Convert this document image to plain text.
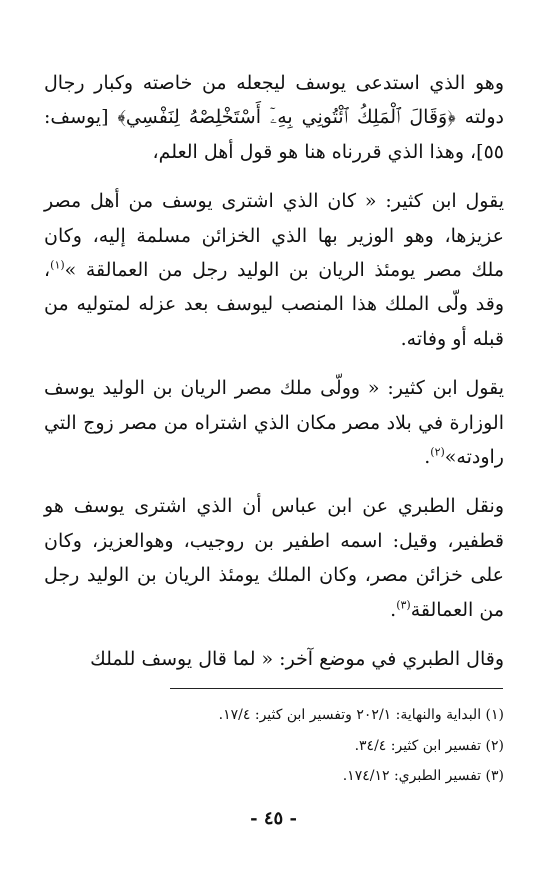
وهو الذي استدعى يوسف ليجعله من خاصته وكبار رجال دولته ﴿وَقَالَ ٱلْمَلِكُ ٱئْتُونِي بِهِۦٓ أَسْتَخْلِصْهُ لِنَفْسِي﴾ [يوسف: ٥٥]، وهذا الذي قررناه هنا هو قول أهل العلم،

يقول ابن كثير: « كان الذي اشترى يوسف من أهل مصر عزيزها، وهو الوزير بها الذي الخزائن مسلمة إليه، وكان ملك مصر يومئذ الريان بن الوليد رجل من العمالقة »$^{(١)}$، وقد ولّى الملك هذا المنصب ليوسف بعد عزله لمتوليه من قبله أو وفاته.

يقول ابن كثير: « وولّى ملك مصر الريان بن الوليد يوسف الوزارة في بلاد مصر مكان الذي اشتراه من مصر زوج التي راودته»$^{(٢)}$.

ونقل الطبري عن ابن عباس أن الذي اشترى يوسف هو قطفير، وقيل: اسمه اطفير بن روجيب، وهوالعزيز، وكان على خزائن مصر، وكان الملك يومئذ الريان بن الوليد رجل من العمالقة$^{(٣)}$.

وقال الطبري في موضع آخر: « لما قال يوسف للملك

(١) البداية والنهاية: ٢٠٢/١ وتفسير ابن كثير: ١٧/٤.

(٢) تفسير ابن كثير: ٣٤/٤.

(٣) تفسير الطبري: ١٧٤/١٢.

- ٤٥ -
